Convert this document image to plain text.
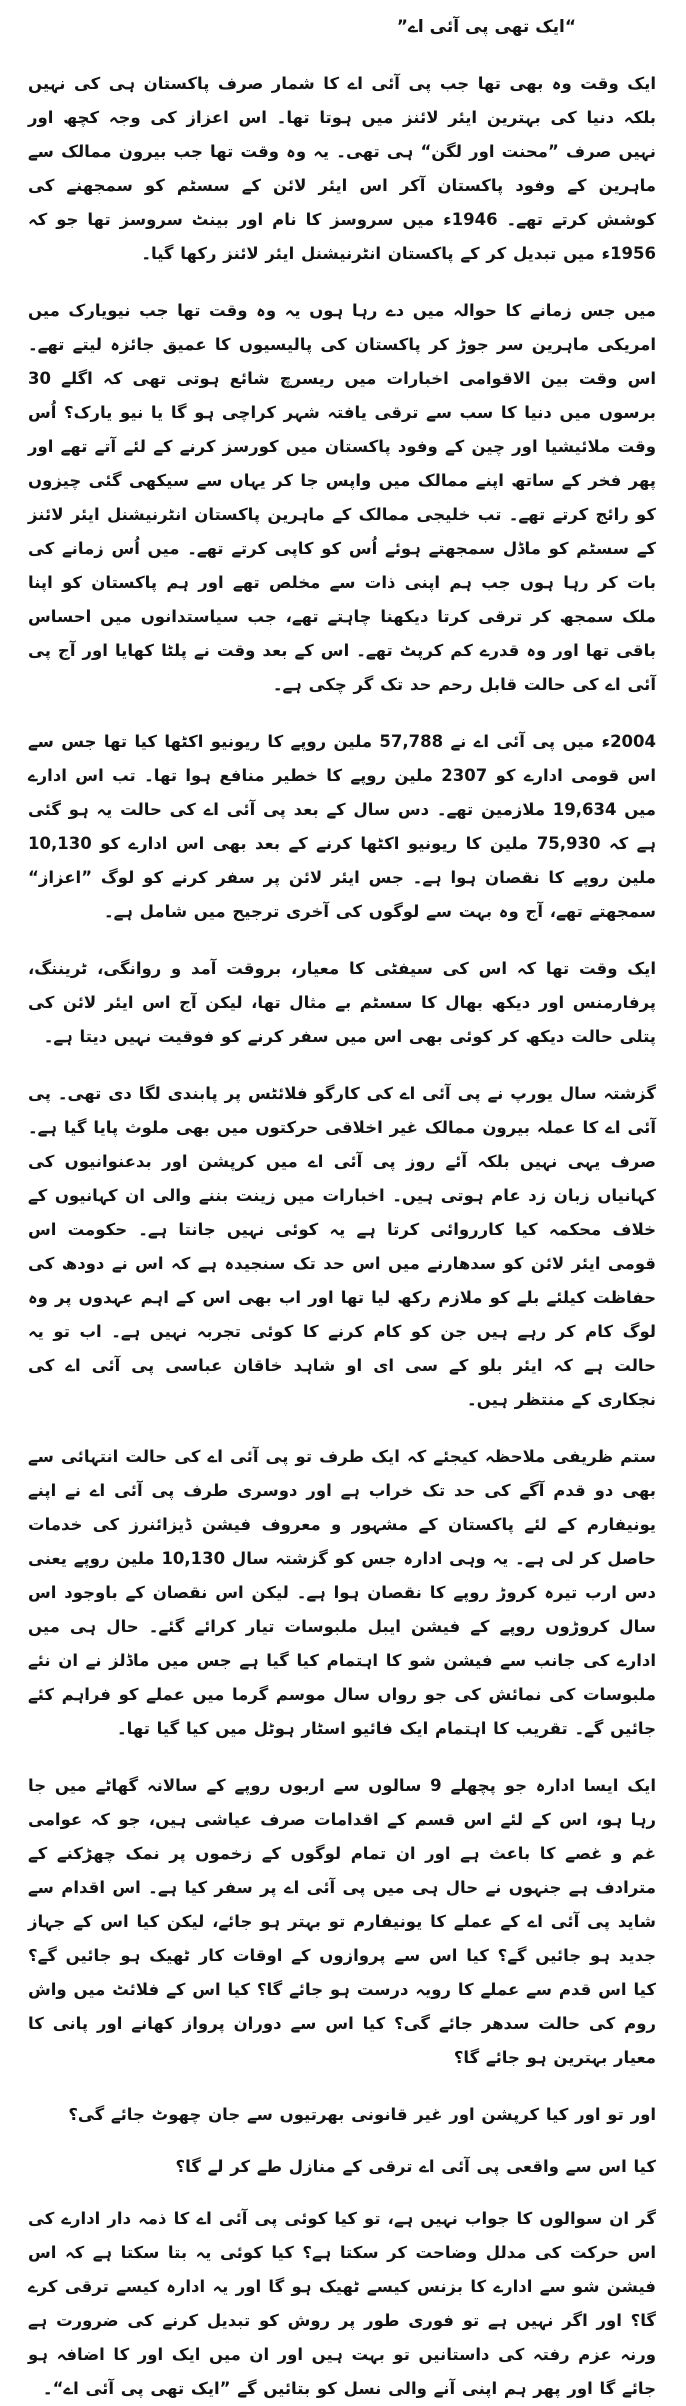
“ایک تھی پی آئی اے”

ایک وقت وہ بھی تھا جب پی آئی اے کا شمار صرف پاکستان ہی کی نہیں بلکہ دنیا کی بہترین ایئر لائنز میں ہوتا تھا۔ اس اعزاز کی وجہ کچھ اور نہیں صرف ”محنت اور لگن“ ہی تھی۔ یہ وہ وقت تھا جب بیرون ممالک سے ماہرین کے وفود پاکستان آکر اس ایئر لائن کے سسٹم کو سمجھنے کی کوشش کرتے تھے۔ 1946ء میں سروسز کا نام اور بینٹ سروسز تھا جو کہ 1956ء میں تبدیل کر کے پاکستان انٹرنیشنل ایئر لائنز رکھا گیا۔

میں جس زمانے کا حوالہ میں دے رہا ہوں یہ وہ وقت تھا جب نیویارک میں امریکی ماہرین سر جوڑ کر پاکستان کی پالیسیوں کا عمیق جائزہ لیتے تھے۔ اس وقت بین الاقوامی اخبارات میں ریسرچ شائع ہوتی تھی کہ اگلے 30 برسوں میں دنیا کا سب سے ترقی یافتہ شہر کراچی ہو گا یا نیو یارک؟ اُس وقت ملائیشیا اور چین کے وفود پاکستان میں کورسز کرنے کے لئے آتے تھے اور پھر فخر کے ساتھ اپنے ممالک میں واپس جا کر یہاں سے سیکھی گئی چیزوں کو رائج کرتے تھے۔ تب خلیجی ممالک کے ماہرین پاکستان انٹرنیشنل ایئر لائنز کے سسٹم کو ماڈل سمجھتے ہوئے اُس کو کاپی کرتے تھے۔ میں اُس زمانے کی بات کر رہا ہوں جب ہم اپنی ذات سے مخلص تھے اور ہم پاکستان کو اپنا ملک سمجھ کر ترقی کرتا دیکھنا چاہتے تھے، جب سیاستدانوں میں احساس باقی تھا اور وہ قدرے کم کرپٹ تھے۔ اس کے بعد وقت نے پلٹا کھایا اور آج پی آئی اے کی حالت قابل رحم حد تک گر چکی ہے۔

2004ء میں پی آئی اے نے 57,788 ملین روپے کا ریونیو اکٹھا کیا تھا جس سے اس قومی ادارے کو 2307 ملین روپے کا خطیر منافع ہوا تھا۔ تب اس ادارے میں 19,634 ملازمین تھے۔ دس سال کے بعد پی آئی اے کی حالت یہ ہو گئی ہے کہ 75,930 ملین کا ریونیو اکٹھا کرنے کے بعد بھی اس ادارے کو 10,130 ملین روپے کا نقصان ہوا ہے۔ جس ایئر لائن پر سفر کرنے کو لوگ ”اعزاز“ سمجھتے تھے، آج وہ بہت سے لوگوں کی آخری ترجیح میں شامل ہے۔

ایک وقت تھا کہ اس کی سیفٹی کا معیار، بروقت آمد و روانگی، ٹریننگ، پرفارمنس اور دیکھ بھال کا سسٹم بے مثال تھا، لیکن آج اس ایئر لائن کی پتلی حالت دیکھ کر کوئی بھی اس میں سفر کرنے کو فوقیت نہیں دیتا ہے۔

گزشتہ سال یورپ نے پی آئی اے کی کارگو فلائٹس پر پابندی لگا دی تھی۔ پی آئی اے کا عملہ بیرون ممالک غیر اخلاقی حرکتوں میں بھی ملوث پایا گیا ہے۔ صرف یہی نہیں بلکہ آئے روز پی آئی اے میں کرپشن اور بدعنوانیوں کی کہانیاں زبان زد عام ہوتی ہیں۔ اخبارات میں زینت بننے والی ان کہانیوں کے خلاف محکمہ کیا کارروائی کرتا ہے یہ کوئی نہیں جانتا ہے۔ حکومت اس قومی ایئر لائن کو سدھارنے میں اس حد تک سنجیدہ ہے کہ اس نے دودھ کی حفاظت کیلئے بلے کو ملازم رکھ لیا تھا اور اب بھی اس کے اہم عہدوں پر وہ لوگ کام کر رہے ہیں جن کو کام کرنے کا کوئی تجربہ نہیں ہے۔ اب تو یہ حالت ہے کہ ایئر بلو کے سی ای او شاہد خاقان عباسی پی آئی اے کی نجکاری کے منتظر ہیں۔

ستم ظریفی ملاحظہ کیجئے کہ ایک طرف تو پی آئی اے کی حالت انتہائی سے بھی دو قدم آگے کی حد تک خراب ہے اور دوسری طرف پی آئی اے نے اپنے یونیفارم کے لئے پاکستان کے مشہور و معروف فیشن ڈیزائنرز کی خدمات حاصل کر لی ہے۔ یہ وہی ادارہ جس کو گزشتہ سال 10,130 ملین روپے یعنی دس ارب تیرہ کروڑ روپے کا نقصان ہوا ہے۔ لیکن اس نقصان کے باوجود اس سال کروڑوں روپے کے فیشن ایبل ملبوسات تیار کرائے گئے۔ حال ہی میں ادارے کی جانب سے فیشن شو کا اہتمام کیا گیا ہے جس میں ماڈلز نے ان نئے ملبوسات کی نمائش کی جو رواں سال موسم گرما میں عملے کو فراہم کئے جائیں گے۔ تقریب کا اہتمام ایک فائیو اسٹار ہوٹل میں کیا گیا تھا۔

ایک ایسا ادارہ جو پچھلے 9 سالوں سے اربوں روپے کے سالانہ گھاٹے میں جا رہا ہو، اس کے لئے اس قسم کے اقدامات صرف عیاشی ہیں، جو کہ عوامی غم و غصے کا باعث ہے اور ان تمام لوگوں کے زخموں پر نمک چھڑکنے کے مترادف ہے جنہوں نے حال ہی میں پی آئی اے پر سفر کیا ہے۔ اس اقدام سے شاید پی آئی اے کے عملے کا یونیفارم تو بہتر ہو جائے، لیکن کیا اس کے جہاز جدید ہو جائیں گے؟ کیا اس سے پروازوں کے اوقات کار ٹھیک ہو جائیں گے؟ کیا اس قدم سے عملے کا رویہ درست ہو جائے گا؟ کیا اس کے فلائٹ میں واش روم کی حالت سدھر جائے گی؟ کیا اس سے دوران پرواز کھانے اور پانی کا معیار بہترین ہو جائے گا؟

اور تو اور کیا کرپشن اور غیر قانونی بھرتیوں سے جان چھوٹ جائے گی؟

کیا اس سے واقعی پی آئی اے ترقی کے منازل طے کر لے گا؟

گر ان سوالوں کا جواب نہیں ہے، تو کیا کوئی پی آئی اے کا ذمہ دار ادارے کی اس حرکت کی مدلل وضاحت کر سکتا ہے؟ کیا کوئی یہ بتا سکتا ہے کہ اس فیشن شو سے ادارے کا بزنس کیسے ٹھیک ہو گا اور یہ ادارہ کیسے ترقی کرے گا؟ اور اگر نہیں ہے تو فوری طور پر روش کو تبدیل کرنے کی ضرورت ہے ورنہ عزم رفتہ کی داستانیں تو بہت ہیں اور ان میں ایک اور کا اضافہ ہو جائے گا اور پھر ہم اپنی آنے والی نسل کو بتائیں گے ”ایک تھی پی آئی اے“۔
